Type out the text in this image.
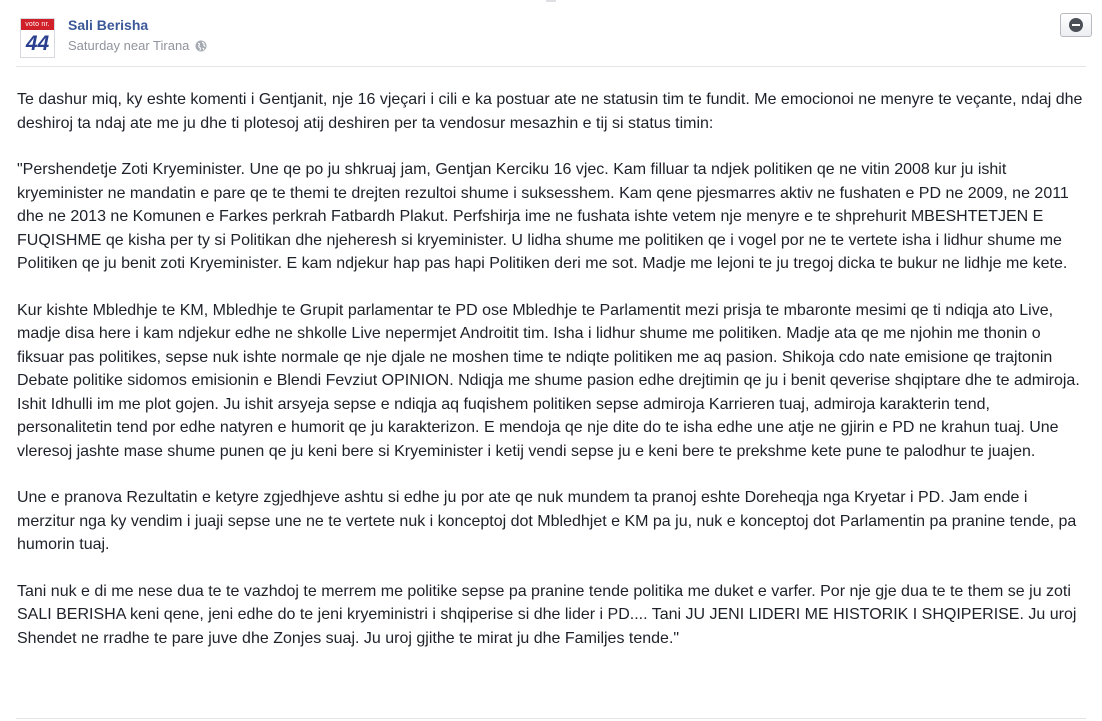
voto nr.
44
Sali Berisha
Saturday near Tirana

Te dashur miq, ky eshte komenti i Gentjanit, nje 16 vjeçari i cili e ka postuar ate ne statusin tim te fundit. Me emocionoi ne menyre te veçante, ndaj dhe deshiroj ta ndaj ate me ju dhe ti plotesoj atij deshiren per ta vendosur mesazhin e tij si status timin:

"Pershendetje Zoti Kryeminister. Une qe po ju shkruaj jam, Gentjan Kerciku 16 vjec. Kam filluar ta ndjek politiken qe ne vitin 2008 kur ju ishit kryeminister ne mandatin e pare qe te themi te drejten rezultoi shume i suksesshem. Kam qene pjesmarres aktiv ne fushaten e PD ne 2009, ne 2011 dhe ne 2013 ne Komunen e Farkes perkrah Fatbardh Plakut. Perfshirja ime ne fushata ishte vetem nje menyre e te shprehurit MBESHTETJEN E FUQISHME qe kisha per ty si Politikan dhe njeheresh si kryeminister. U lidha shume me politiken qe i vogel por ne te vertete isha i lidhur shume me Politiken qe ju benit zoti Kryeminister. E kam ndjekur hap pas hapi Politiken deri me sot. Madje me lejoni te ju tregoj dicka te bukur ne lidhje me kete.

Kur kishte Mbledhje te KM, Mbledhje te Grupit parlamentar te PD ose Mbledhje te Parlamentit mezi prisja te mbaronte mesimi qe ti ndiqja ato Live, madje disa here i kam ndjekur edhe ne shkolle Live nepermjet Androitit tim. Isha i lidhur shume me politiken. Madje ata qe me njohin me thonin o fiksuar pas politikes, sepse nuk ishte normale qe nje djale ne moshen time te ndiqte politiken me aq pasion. Shikoja cdo nate emisione qe trajtonin Debate politike sidomos emisionin e Blendi Fevziut OPINION. Ndiqja me shume pasion edhe drejtimin qe ju i benit qeverise shqiptare dhe te admiroja. Ishit Idhulli im me plot gojen. Ju ishit arsyeja sepse e ndiqja aq fuqishem politiken sepse admiroja Karrieren tuaj, admiroja karakterin tend, personalitetin tend por edhe natyren e humorit qe ju karakterizon. E mendoja qe nje dite do te isha edhe une atje ne gjirin e PD ne krahun tuaj. Une vleresoj jashte mase shume punen qe ju keni bere si Kryeminister i ketij vendi sepse ju e keni bere te prekshme kete pune te palodhur te juajen.

Une e pranova Rezultatin e ketyre zgjedhjeve ashtu si edhe ju por ate qe nuk mundem ta pranoj eshte Doreheqja nga Kryetar i PD. Jam ende i merzitur nga ky vendim i juaji sepse une ne te vertete nuk i konceptoj dot Mbledhjet e KM pa ju, nuk e konceptoj dot Parlamentin pa pranine tende, pa humorin tuaj.

Tani nuk e di me nese dua te te vazhdoj te merrem me politike sepse pa pranine tende politika me duket e varfer. Por nje gje dua te te them se ju zoti SALI BERISHA keni qene, jeni edhe do te jeni kryeministri i shqiperise si dhe lider i PD.... Tani JU JENI LIDERI ME HISTORIK I SHQIPERISE. Ju uroj Shendet ne rradhe te pare juve dhe Zonjes suaj. Ju uroj gjithe te mirat ju dhe Familjes tende."
